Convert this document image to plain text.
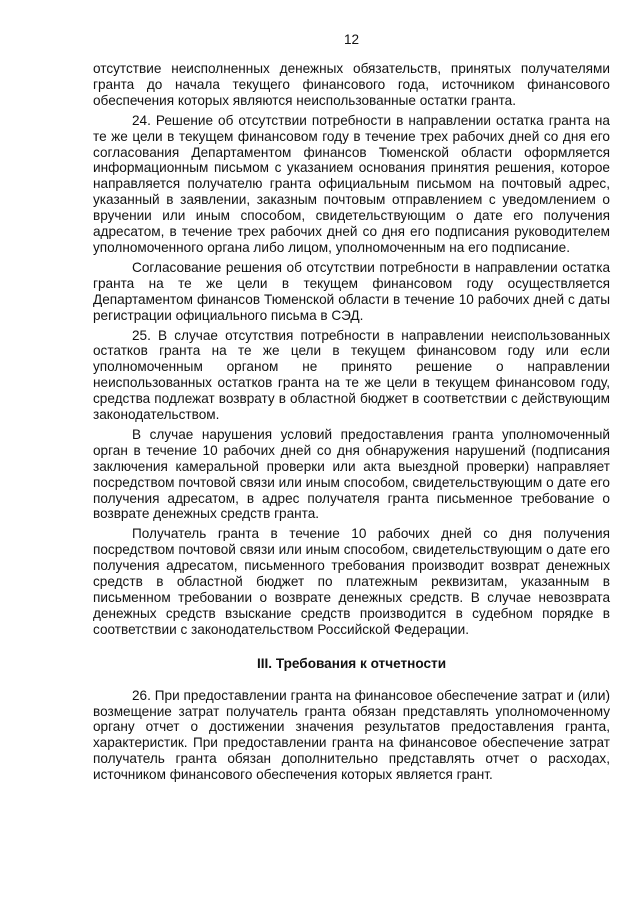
12

отсутствие неисполненных денежных обязательств, принятых получателями гранта до начала текущего финансового года, источником финансового обеспечения которых являются неиспользованные остатки гранта.

24. Решение об отсутствии потребности в направлении остатка гранта на те же цели в текущем финансовом году в течение трех рабочих дней со дня его согласования Департаментом финансов Тюменской области оформляется информационным письмом с указанием основания принятия решения, которое направляется получателю гранта официальным письмом на почтовый адрес, указанный в заявлении, заказным почтовым отправлением с уведомлением о вручении или иным способом, свидетельствующим о дате его получения адресатом, в течение трех рабочих дней со дня его подписания руководителем уполномоченного органа либо лицом, уполномоченным на его подписание.

Согласование решения об отсутствии потребности в направлении остатка гранта на те же цели в текущем финансовом году осуществляется Департаментом финансов Тюменской области в течение 10 рабочих дней с даты регистрации официального письма в СЭД.

25. В случае отсутствия потребности в направлении неиспользованных остатков гранта на те же цели в текущем финансовом году или если уполномоченным органом не принято решение о направлении неиспользованных остатков гранта на те же цели в текущем финансовом году, средства подлежат возврату в областной бюджет в соответствии с действующим законодательством.

В случае нарушения условий предоставления гранта уполномоченный орган в течение 10 рабочих дней со дня обнаружения нарушений (подписания заключения камеральной проверки или акта выездной проверки) направляет посредством почтовой связи или иным способом, свидетельствующим о дате его получения адресатом, в адрес получателя гранта письменное требование о возврате денежных средств гранта.

Получатель гранта в течение 10 рабочих дней со дня получения посредством почтовой связи или иным способом, свидетельствующим о дате его получения адресатом, письменного требования производит возврат денежных средств в областной бюджет по платежным реквизитам, указанным в письменном требовании о возврате денежных средств. В случае невозврата денежных средств взыскание средств производится в судебном порядке в соответствии с законодательством Российской Федерации.

III. Требования к отчетности

26. При предоставлении гранта на финансовое обеспечение затрат и (или) возмещение затрат получатель гранта обязан представлять уполномоченному органу отчет о достижении значения результатов предоставления гранта, характеристик. При предоставлении гранта на финансовое обеспечение затрат получатель гранта обязан дополнительно представлять отчет о расходах, источником финансового обеспечения которых является грант.
